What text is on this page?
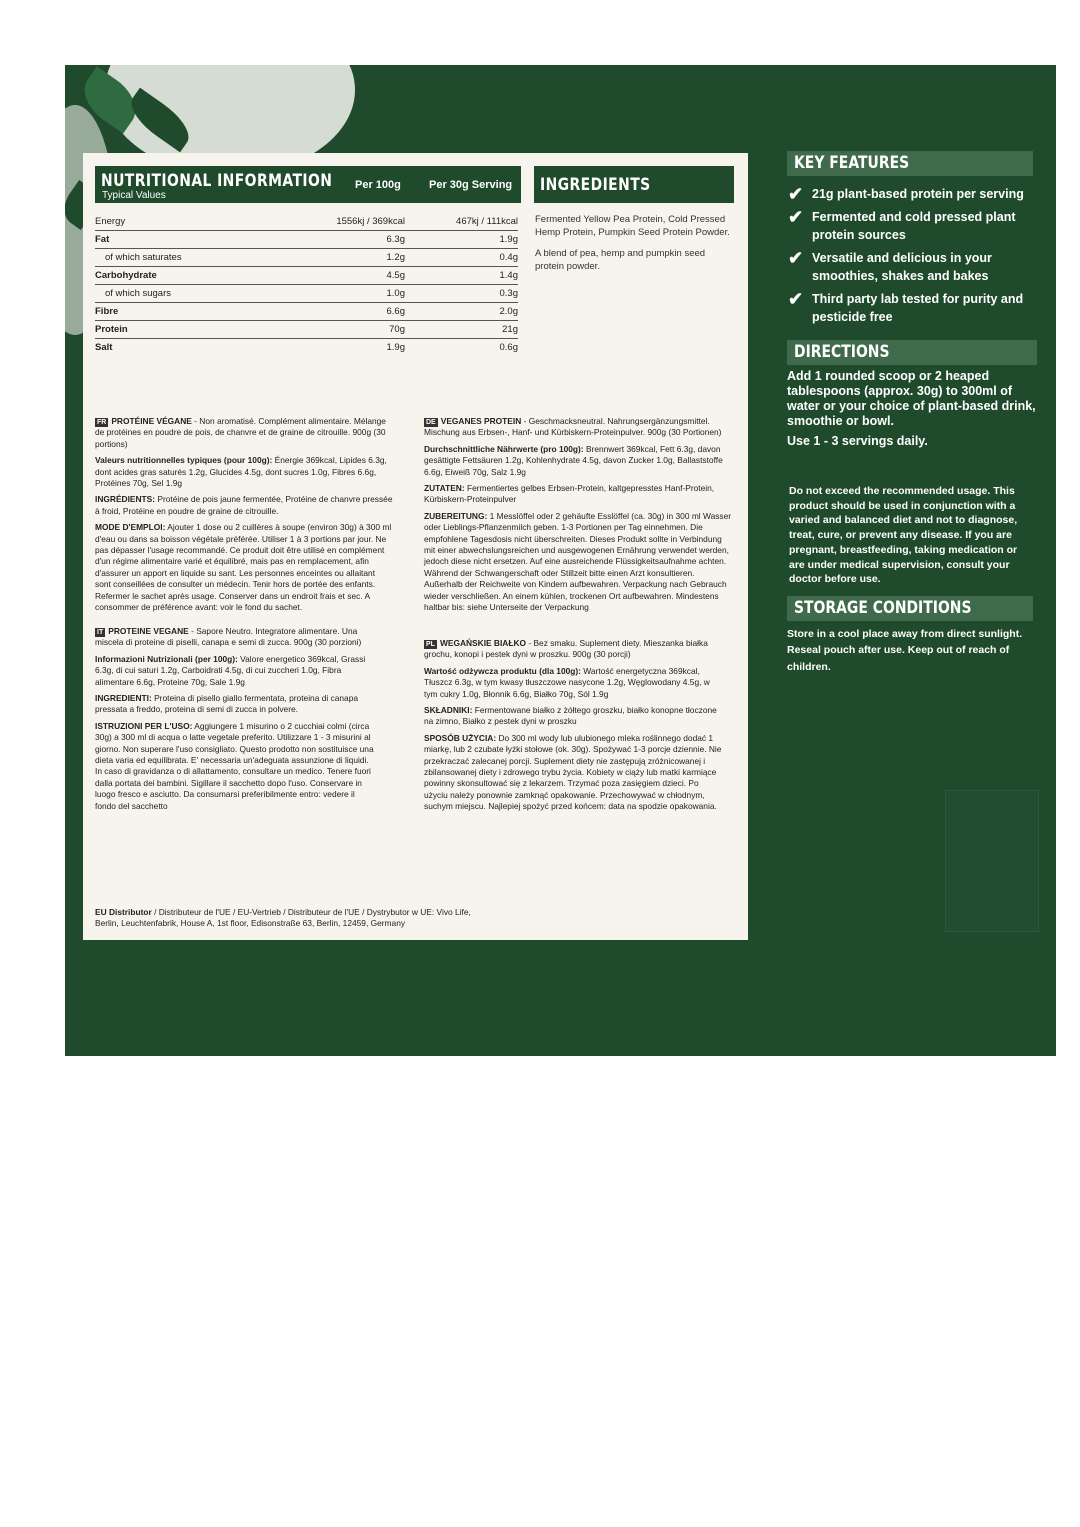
NUTRITIONAL INFORMATION
Typical Values
Per 100g	Per 30g Serving
Energy	1556kj / 369kcal	467kj / 111kcal
Fat	6.3g	1.9g
of which saturates	1.2g	0.4g
Carbohydrate	4.5g	1.4g
of which sugars	1.0g	0.3g
Fibre	6.6g	2.0g
Protein	70g	21g
Salt	1.9g	0.6g
INGREDIENTS

Fermented Yellow Pea Protein, Cold Pressed Hemp Protein, Pumpkin Seed Protein Powder.

A blend of pea, hemp and pumpkin seed protein powder.

FR PROTÉINE VÉGANE - Non aromatisé. Complément alimentaire. Mélange de protéines en poudre de pois, de chanvre et de graine de citrouille. 900g (30 portions)

Valeurs nutritionnelles typiques (pour 100g): Énergie 369kcal, Lipides 6.3g, dont acides gras saturés 1.2g, Glucides 4.5g, dont sucres 1.0g, Fibres 6.6g, Protéines 70g, Sel 1.9g

INGRÉDIENTS: Protéine de pois jaune fermentée, Protéine de chanvre pressée à froid, Protéine en poudre de graine de citrouille.

MODE D'EMPLOI: Ajouter 1 dose ou 2 cuillères à soupe (environ 30g) à 300 ml d'eau ou dans sa boisson végétale préférée. Utiliser 1 à 3 portions par jour. Ne pas dépasser l'usage recommandé. Ce produit doit être utilisé en complément d'un régime alimentaire varié et équilibré, mais pas en remplacement, afin d'assurer un apport en liquide su sant. Les personnes enceintes ou allaitant sont conseillées de consulter un médecin. Tenir hors de portée des enfants. Refermer le sachet après usage. Conserver dans un endroit frais et sec. A consommer de préférence avant: voir le fond du sachet.

IT PROTEINE VEGANE - Sapore Neutro. Integratore alimentare. Una miscela di proteine di piselli, canapa e semi di zucca. 900g (30 porzioni)

Informazioni Nutrizionali (per 100g): Valore energetico 369kcal, Grassi 6.3g, di cui saturi 1.2g, Carboidrati 4.5g, di cui zuccheri 1.0g, Fibra alimentare 6.6g, Proteine 70g, Sale 1.9g

INGREDIENTI: Proteina di pisello giallo fermentata, proteina di canapa pressata a freddo, proteina di semi di zucca in polvere.

ISTRUZIONI PER L'USO: Aggiungere 1 misurino o 2 cucchiai colmi (circa 30g) a 300 ml di acqua o latte vegetale preferito. Utilizzare 1 - 3 misurini al giorno. Non superare l'uso consigliato. Questo prodotto non sostituisce una dieta varia ed equilibrata. E' necessaria un'adeguata assunzione di liquidi. In caso di gravidanza o di allattamento, consultare un medico. Tenere fuori dalla portata dei bambini. Sigillare il sacchetto dopo l'uso. Conservare in luogo fresco e asciutto. Da consumarsi preferibilmente entro: vedere il fondo del sacchetto

DE VEGANES PROTEIN - Geschmacksneutral. Nahrungsergänzungsmittel. Mischung aus Erbsen-, Hanf- und Kürbiskern-Proteinpulver. 900g (30 Portionen)

Durchschnittliche Nährwerte (pro 100g): Brennwert 369kcal, Fett 6.3g, davon gesättigte Fettsäuren 1.2g, Kohlenhydrate 4.5g, davon Zucker 1.0g, Ballaststoffe 6.6g, Eiweiß 70g, Salz 1.9g

ZUTATEN: Fermentiertes gelbes Erbsen-Protein, kaltgepresstes Hanf-Protein, Kürbiskern-Proteinpulver

ZUBEREITUNG: 1 Messlöffel oder 2 gehäufte Esslöffel (ca. 30g) in 300 ml Wasser oder Lieblings-Pflanzenmilch geben. 1-3 Portionen per Tag einnehmen. Die empfohlene Tagesdosis nicht überschreiten. Dieses Produkt sollte in Verbindung mit einer abwechslungsreichen und ausgewogenen Ernährung verwendet werden, jedoch diese nicht ersetzen. Auf eine ausreichende Flüssigkeitsaufnahme achten. Während der Schwangerschaft oder Stillzeit bitte einen Arzt konsultieren. Außerhalb der Reichweite von Kindern aufbewahren. Verpackung nach Gebrauch wieder verschließen. An einem kühlen, trockenen Ort aufbewahren. Mindestens haltbar bis: siehe Unterseite der Verpackung

PL WEGAŃSKIE BIAŁKO - Bez smaku. Suplement diety. Mieszanka białka grochu, konopi i pestek dyni w proszku. 900g (30 porcji)

Wartość odżywcza produktu (dla 100g): Wartość energetyczna 369kcal, Tłuszcz 6.3g, w tym kwasy tłuszczowe nasycone 1.2g, Węglowodany 4.5g, w tym cukry 1.0g, Błonnik 6.6g, Białko 70g, Sól 1.9g

SKŁADNIKI: Fermentowane białko z żółtego groszku, białko konopne tłoczone na zimno, Białko z pestek dyni w proszku

SPOSÓB UŻYCIA: Do 300 ml wody lub ulubionego mleka roślinnego dodać 1 miarkę, lub 2 czubate łyżki stołowe (ok. 30g). Spożywać 1-3 porcje dziennie. Nie przekraczać zalecanej porcji. Suplement diety nie zastępują zróżnicowanej i zbilansowanej diety i zdrowego trybu życia. Kobiety w ciąży lub matki karmiące powinny skonsultować się z lekarzem. Trzymać poza zasięgiem dzieci. Po użyciu należy ponownie zamknąć opakowanie. Przechowywać w chłodnym, suchym miejscu. Najlepiej spożyć przed końcem: data na spodzie opakowania.

EU Distributor / Distributeur de l'UE / EU-Vertrieb / Distributeur de l'UE / Dystrybutor w UE: Vivo Life, Berlin, Leuchtenfabrik, House A, 1st floor, Edisonstraße 63, Berlin, 12459, Germany
KEY FEATURES
✔ 21g plant-based protein per serving
✔ Fermented and cold pressed plant protein sources
✔ Versatile and delicious in your smoothies, shakes and bakes
✔ Third party lab tested for purity and pesticide free
DIRECTIONS

Add 1 rounded scoop or 2 heaped tablespoons (approx. 30g) to 300ml of water or your choice of plant-based drink, smoothie or bowl.

Use 1 - 3 servings daily.

Do not exceed the recommended usage. This product should be used in conjunction with a varied and balanced diet and not to diagnose, treat, cure, or prevent any disease. If you are pregnant, breastfeeding, taking medication or are under medical supervision, consult your doctor before use.
STORAGE CONDITIONS
Store in a cool place away from direct sunlight. Reseal pouch after use. Keep out of reach of children.
